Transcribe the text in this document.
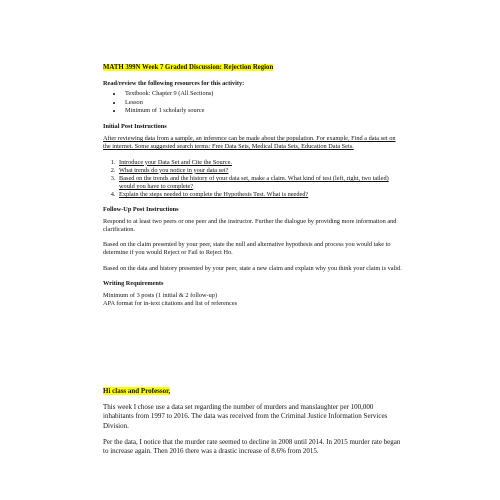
MATH 399N Week 7 Graded Discussion: Rejection Region
Read/review the following resources for this activity:
• Textbook: Chapter 9 (All Sections)
• Lesson
• Minimum of 1 scholarly source
Initial Post Instructions

After reviewing data from a sample, an inference can be made about the population. For example, Find a data set on the internet. Some suggested search terms: Free Data Sets, Medical Data Sets, Education Data Sets.

1. Introduce your Data Set and Cite the Source.
2. What trends do you notice in your data set?
3. Based on the trends and the history of your data set, make a claim. What kind of test (left, right, two tailed) would you have to complete?
4. Explain the steps needed to complete the Hypothesis Test. What is needed?
Follow-Up Post Instructions

Respond to at least two peers or one peer and the instructor. Further the dialogue by providing more information and clarification.

Based on the claim presented by your peer, state the null and alternative hypothesis and process you would take to determine if you would Reject or Fail to Reject Ho.

Based on the data and history presented by your peer, state a new claim and explain why you think your claim is valid.

Writing Requirements
Minimum of 3 posts (1 initial & 2 follow-up)
APA format for in-text citations and list of references

Hi class and Professor,

This week I chose use a data set regarding the number of murders and manslaughter per 100,000 inhabitants from 1997 to 2016. The data was received from the Criminal Justice Information Services Division.

Per the data, I notice that the murder rate seemed to decline in 2008 until 2014. In 2015 murder rate began to increase again. Then 2016 there was a drastic increase of 8.6% from 2015.
